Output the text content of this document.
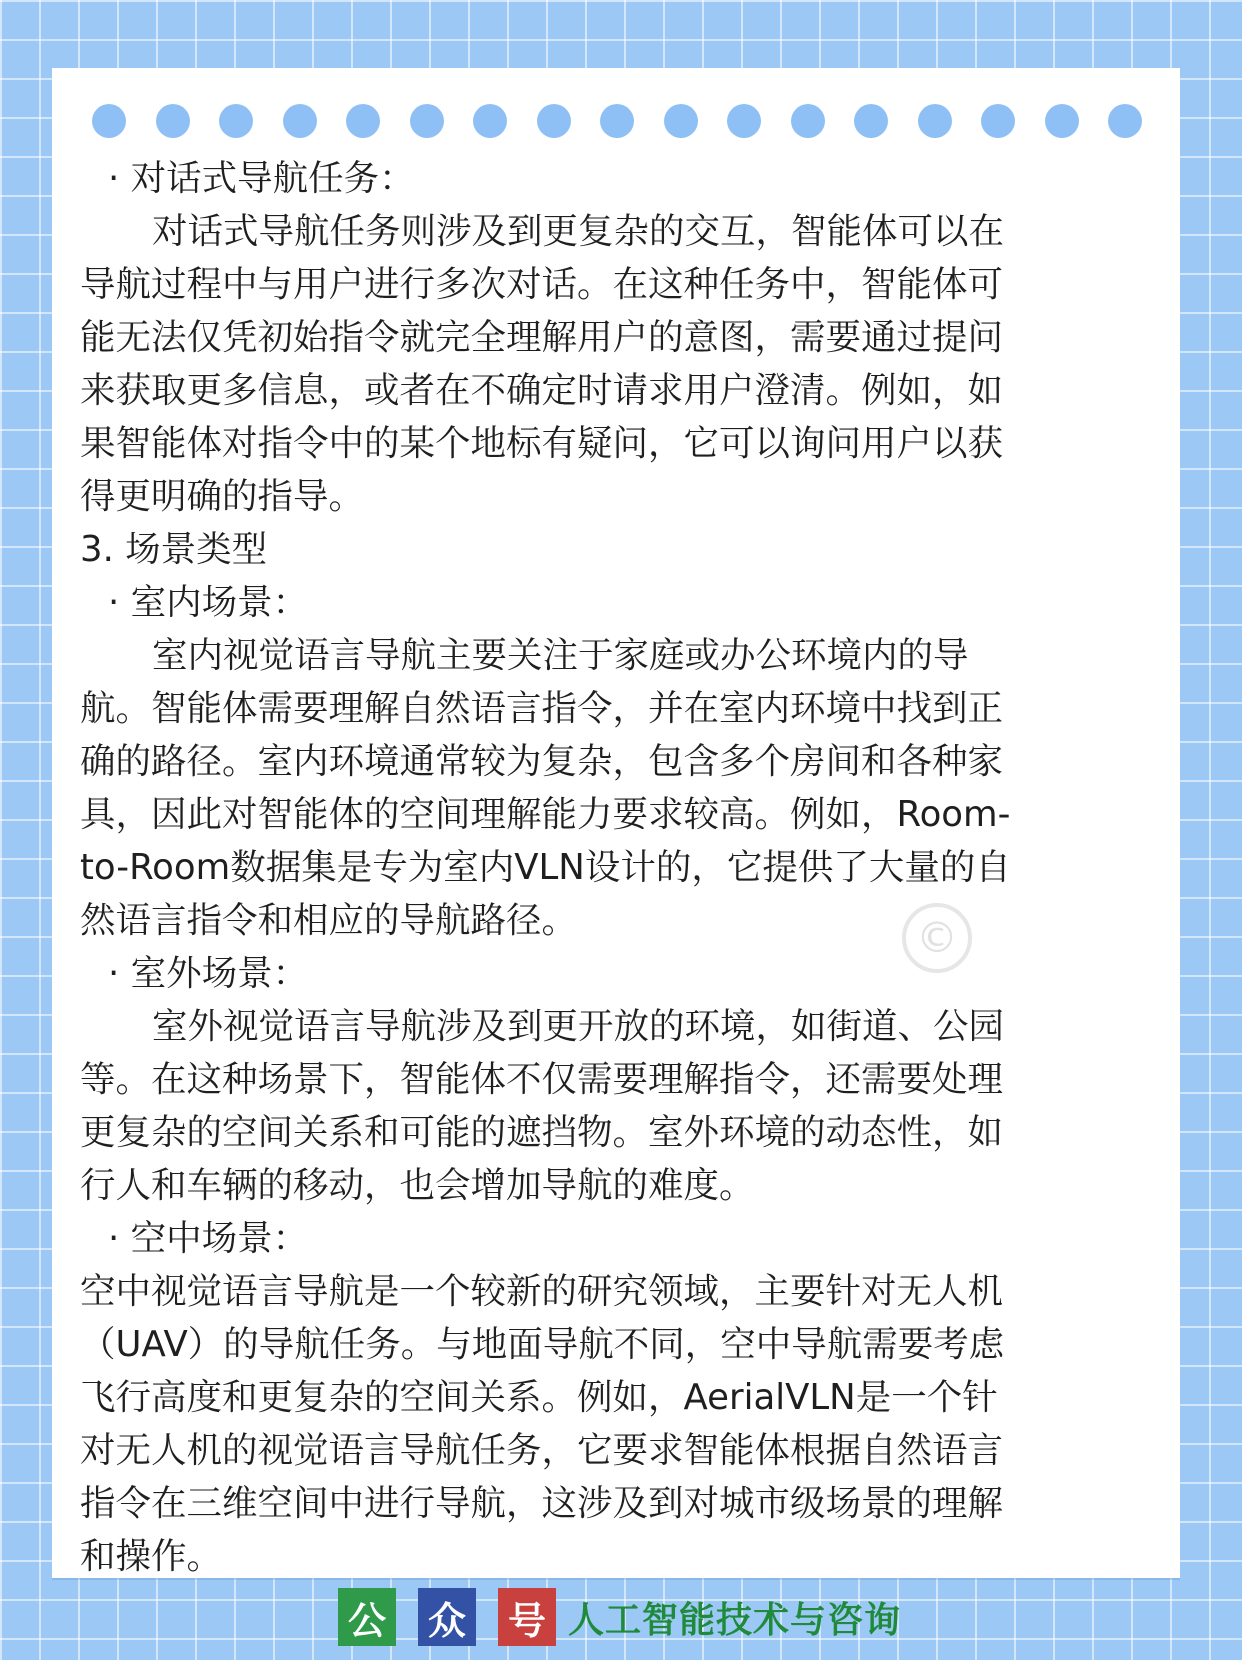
· 对话式导航任务：
对话式导航任务则涉及到更复杂的交互，智能体可以在
导航过程中与用户进行多次对话。在这种任务中，智能体可
能无法仅凭初始指令就完全理解用户的意图，需要通过提问
来获取更多信息，或者在不确定时请求用户澄清。例如，如
果智能体对指令中的某个地标有疑问，它可以询问用户以获
得更明确的指导。
3. 场景类型
· 室内场景：
室内视觉语言导航主要关注于家庭或办公环境内的导
航。智能体需要理解自然语言指令，并在室内环境中找到正
确的路径。室内环境通常较为复杂，包含多个房间和各种家
具，因此对智能体的空间理解能力要求较高。例如，Room-
to-Room数据集是专为室内VLN设计的，它提供了大量的自
然语言指令和相应的导航路径。
· 室外场景：
室外视觉语言导航涉及到更开放的环境，如街道、公园
等。在这种场景下，智能体不仅需要理解指令，还需要处理
更复杂的空间关系和可能的遮挡物。室外环境的动态性，如
行人和车辆的移动，也会增加导航的难度。
· 空中场景：
空中视觉语言导航是一个较新的研究领域，主要针对无人机
（UAV）的导航任务。与地面导航不同，空中导航需要考虑
飞行高度和更复杂的空间关系。例如，AerialVLN是一个针
对无人机的视觉语言导航任务，它要求智能体根据自然语言
指令在三维空间中进行导航，这涉及到对城市级场景的理解
和操作。
©
公 众 号 人工智能技术与咨询
